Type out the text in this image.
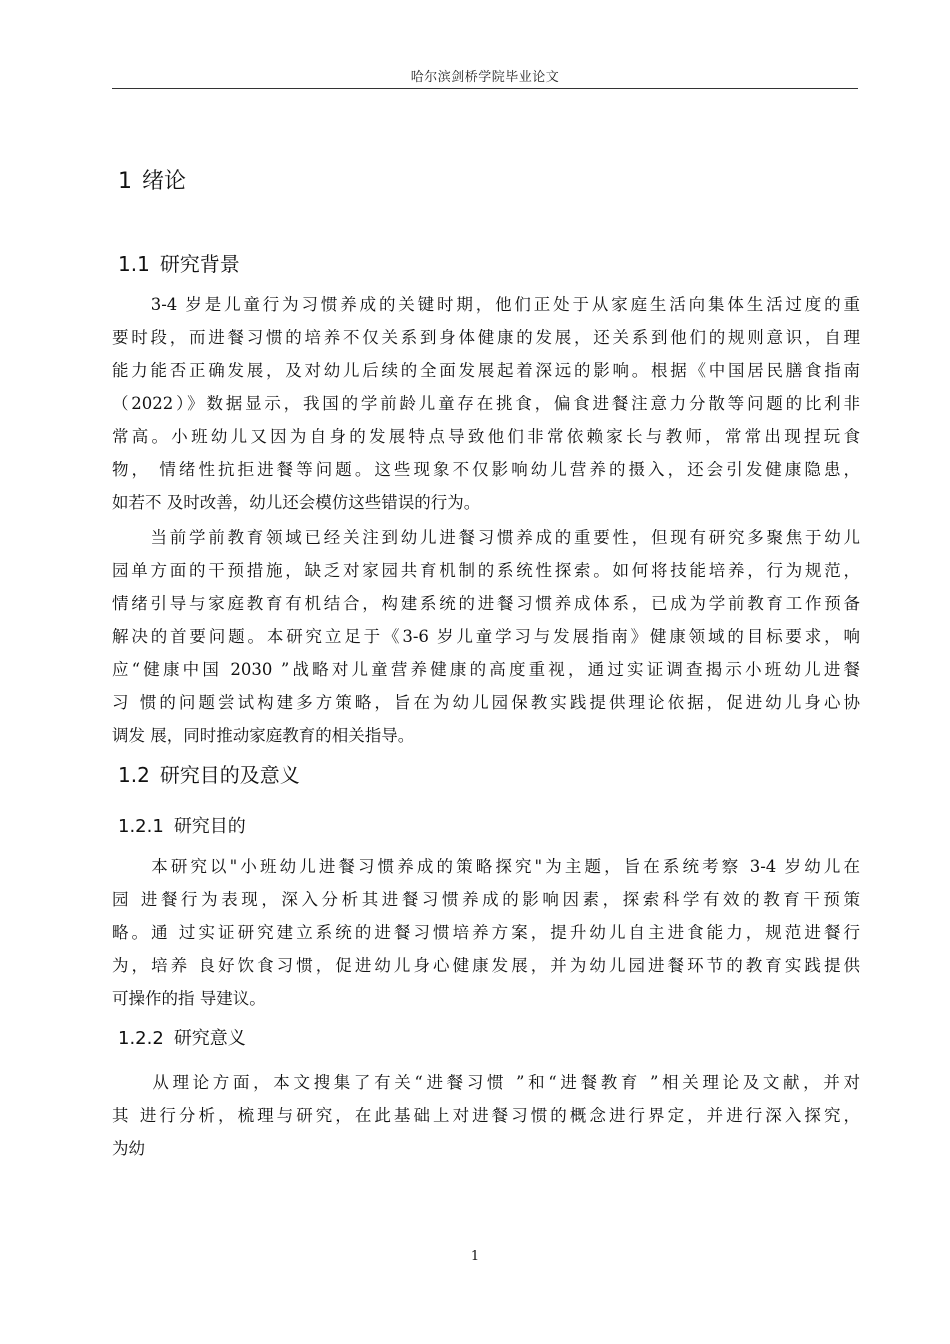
哈尔滨剑桥学院毕业论文
1 绪论
1.1 研究背景
　　3-4 岁是儿童行为习惯养成的关键时期，他们正处于从家庭生活向集体生活过度的重
要时段，而进餐习惯的培养不仅关系到身体健康的发展，还关系到他们的规则意识，自理
能力能否正确发展，及对幼儿后续的全面发展起着深远的影响。根据《中国居民膳食指南
（2022）》数据显示，我国的学前龄儿童存在挑食，偏食进餐注意力分散等问题的比利非
常高。小班幼儿又因为自身的发展特点导致他们非常依赖家长与教师，常常出现捏玩食
物， 情绪性抗拒进餐等问题。这些现象不仅影响幼儿营养的摄入，还会引发健康隐患，
如若不 及时改善，幼儿还会模仿这些错误的行为。
　　当前学前教育领域已经关注到幼儿进餐习惯养成的重要性，但现有研究多聚焦于幼儿
园单方面的干预措施，缺乏对家园共育机制的系统性探索。如何将技能培养，行为规范，
情绪引导与家庭教育有机结合，构建系统的进餐习惯养成体系，已成为学前教育工作预备
解决的首要问题。本研究立足于《3-6 岁儿童学习与发展指南》健康领域的目标要求，响
应“健康中国 2030 ”战略对儿童营养健康的高度重视，通过实证调查揭示小班幼儿进餐
习 惯的问题尝试构建多方策略，旨在为幼儿园保教实践提供理论依据，促进幼儿身心协
调发 展，同时推动家庭教育的相关指导。
1.2 研究目的及意义
1.2.1 研究目的
　　本研究以"小班幼儿进餐习惯养成的策略探究"为主题，旨在系统考察 3-4 岁幼儿在
园 进餐行为表现，深入分析其进餐习惯养成的影响因素，探索科学有效的教育干预策
略。通 过实证研究建立系统的进餐习惯培养方案，提升幼儿自主进食能力，规范进餐行
为，培养 良好饮食习惯，促进幼儿身心健康发展，并为幼儿园进餐环节的教育实践提供
可操作的指 导建议。
1.2.2 研究意义
　　从理论方面，本文搜集了有关“进餐习惯 ”和“进餐教育 ”相关理论及文献，并对
其 进行分析，梳理与研究，在此基础上对进餐习惯的概念进行界定，并进行深入探究，
为幼
1
